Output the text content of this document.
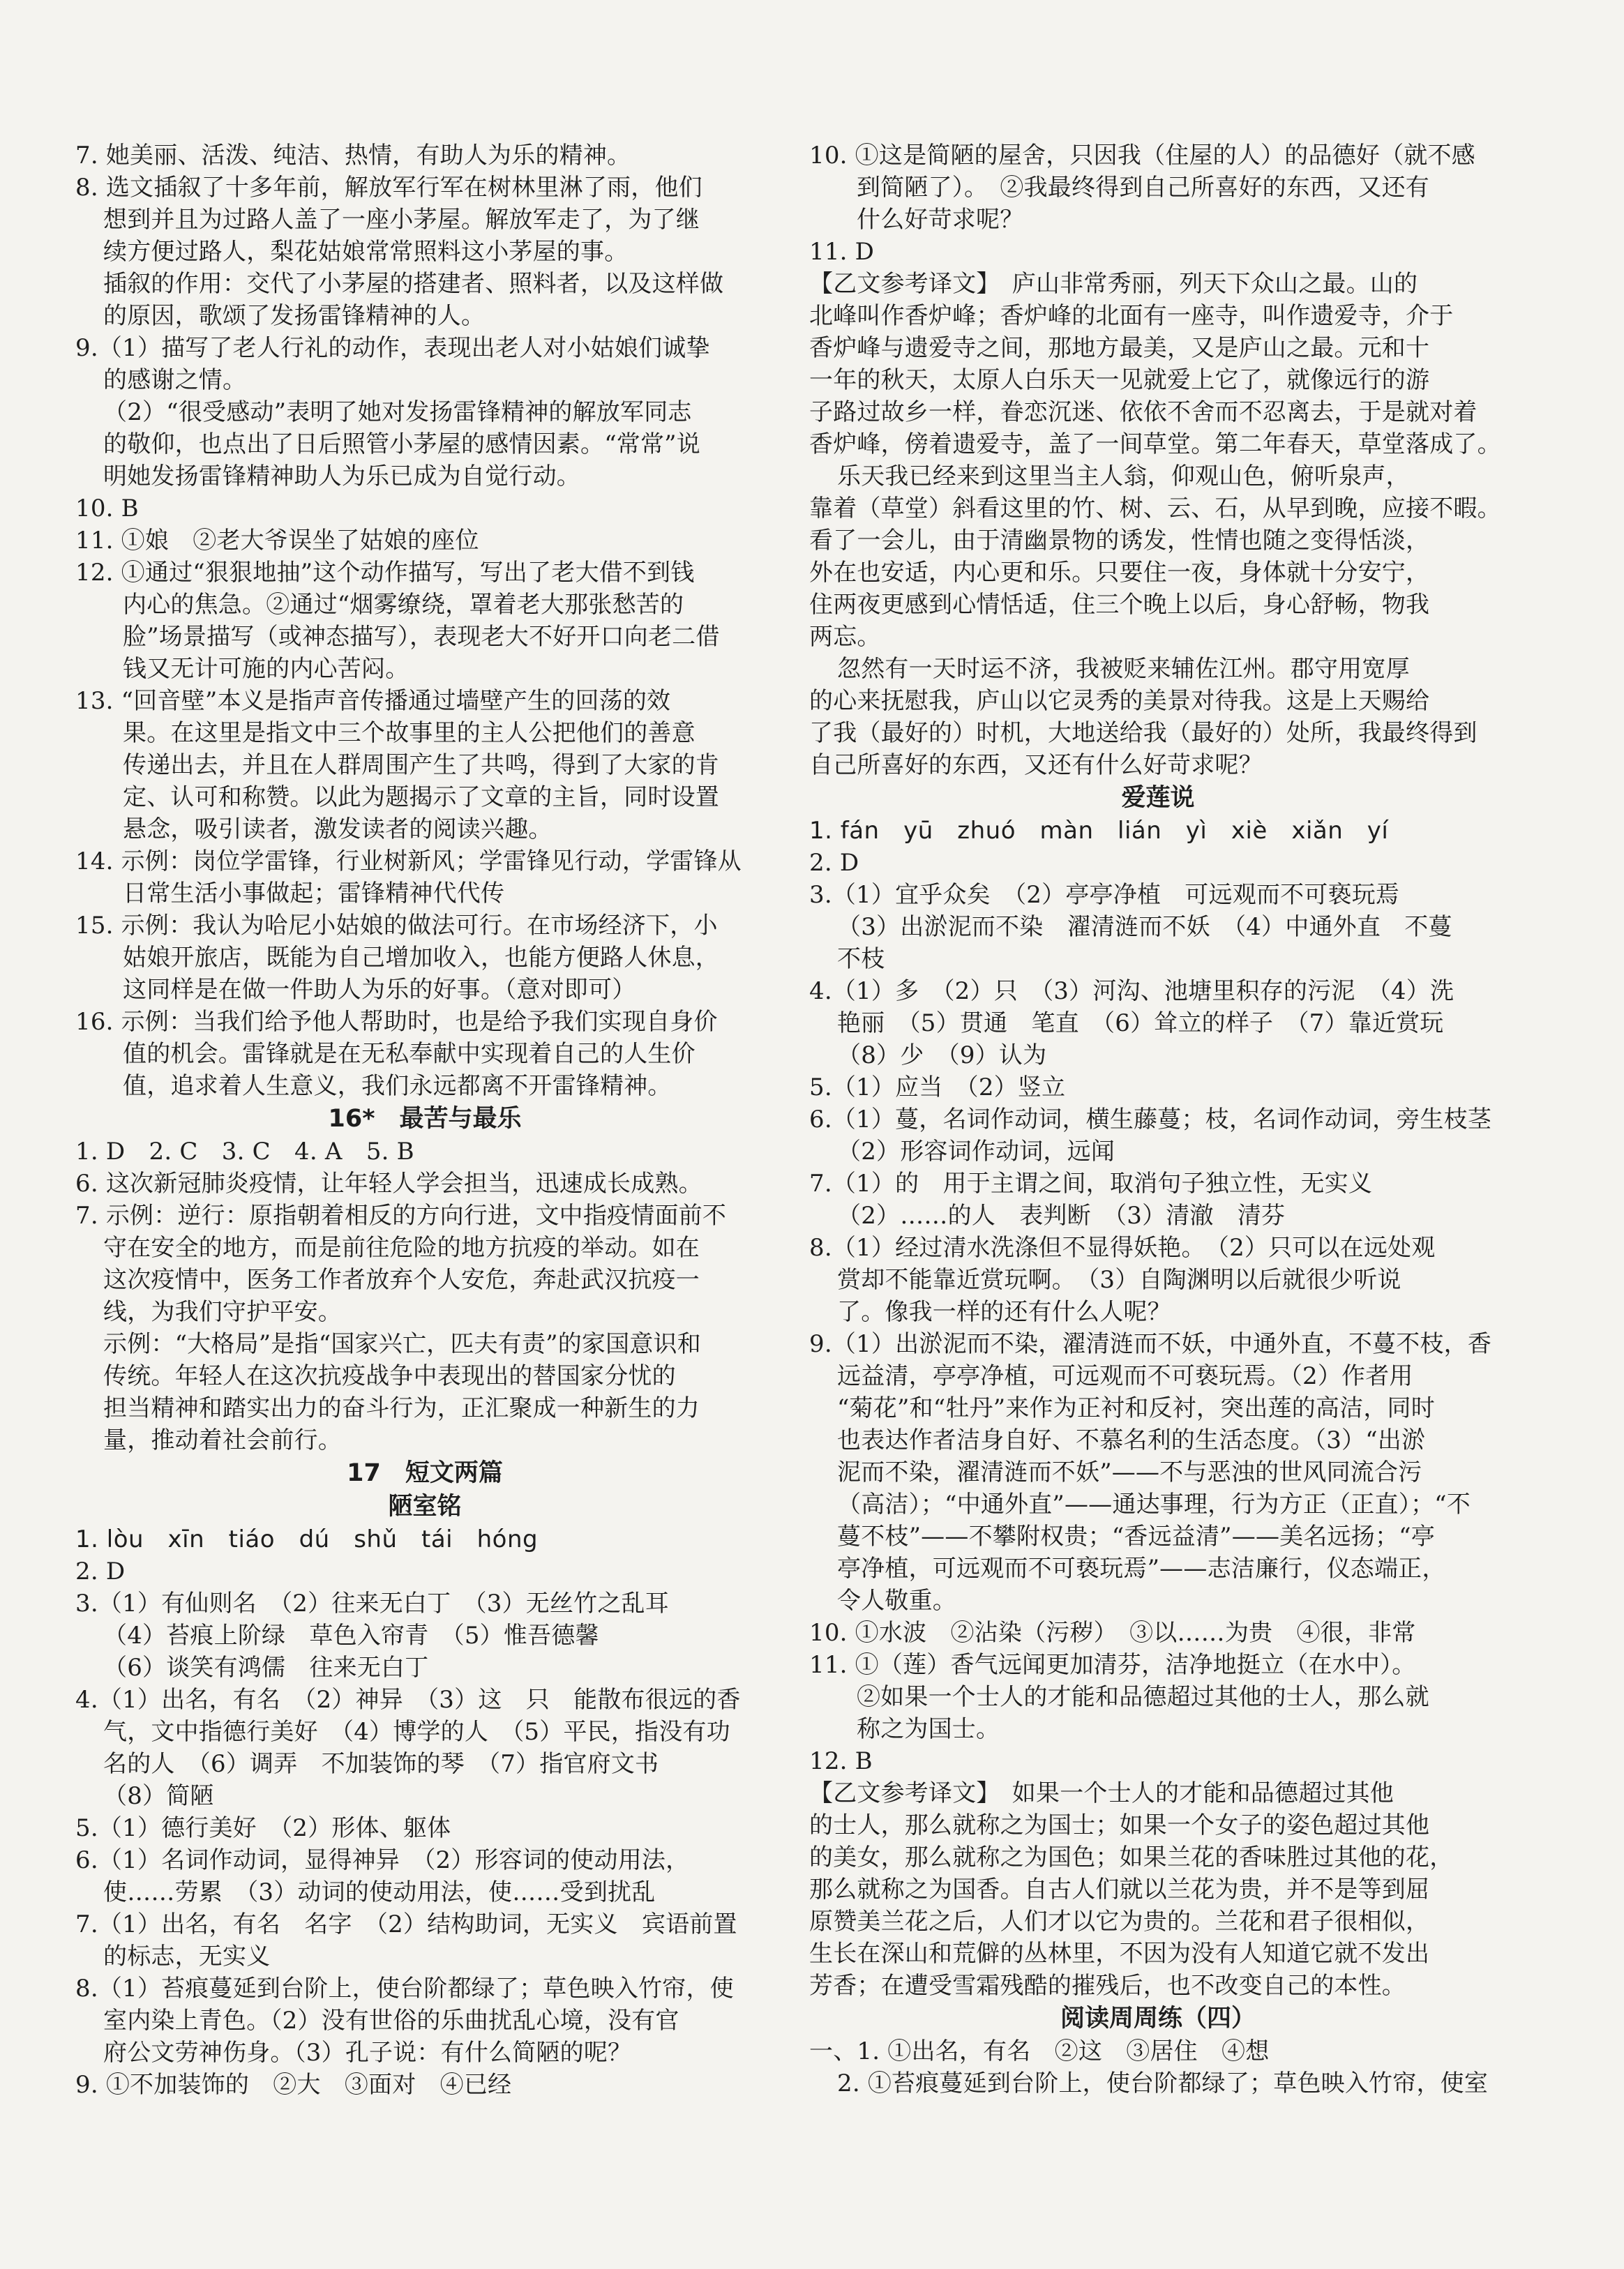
7. 她美丽、活泼、纯洁、热情，有助人为乐的精神。
8. 选文插叙了十多年前，解放军行军在树林里淋了雨，他们
想到并且为过路人盖了一座小茅屋。解放军走了，为了继
续方便过路人，梨花姑娘常常照料这小茅屋的事。
插叙的作用：交代了小茅屋的搭建者、照料者，以及这样做
的原因，歌颂了发扬雷锋精神的人。
9.（1）描写了老人行礼的动作，表现出老人对小姑娘们诚挚
的感谢之情。
（2）“很受感动”表明了她对发扬雷锋精神的解放军同志
的敬仰，也点出了日后照管小茅屋的感情因素。“常常”说
明她发扬雷锋精神助人为乐已成为自觉行动。
10. B
11. ①娘　②老大爷误坐了姑娘的座位
12. ①通过“狠狠地抽”这个动作描写，写出了老大借不到钱
内心的焦急。②通过“烟雾缭绕，罩着老大那张愁苦的
脸”场景描写（或神态描写），表现老大不好开口向老二借
钱又无计可施的内心苦闷。
13. “回音壁”本义是指声音传播通过墙壁产生的回荡的效
果。在这里是指文中三个故事里的主人公把他们的善意
传递出去，并且在人群周围产生了共鸣，得到了大家的肯
定、认可和称赞。以此为题揭示了文章的主旨，同时设置
悬念，吸引读者，激发读者的阅读兴趣。
14. 示例：岗位学雷锋，行业树新风；学雷锋见行动，学雷锋从
日常生活小事做起；雷锋精神代代传
15. 示例：我认为哈尼小姑娘的做法可行。在市场经济下，小
姑娘开旅店，既能为自己增加收入，也能方便路人休息，
这同样是在做一件助人为乐的好事。（意对即可）
16. 示例：当我们给予他人帮助时，也是给予我们实现自身价
值的机会。雷锋就是在无私奉献中实现着自己的人生价
值，追求着人生意义，我们永远都离不开雷锋精神。
16*　最苦与最乐
1. D　2. C　3. C　4. A　5. B
6. 这次新冠肺炎疫情，让年轻人学会担当，迅速成长成熟。
7. 示例：逆行：原指朝着相反的方向行进，文中指疫情面前不
守在安全的地方，而是前往危险的地方抗疫的举动。如在
这次疫情中，医务工作者放弃个人安危，奔赴武汉抗疫一
线，为我们守护平安。
示例：“大格局”是指“国家兴亡，匹夫有责”的家国意识和
传统。年轻人在这次抗疫战争中表现出的替国家分忧的
担当精神和踏实出力的奋斗行为，正汇聚成一种新生的力
量，推动着社会前行。
17　短文两篇
陋室铭
1. lòu　xīn　tiáo　dú　shǔ　tái　hóng
2. D
3.（1）有仙则名　（2）往来无白丁　（3）无丝竹之乱耳
（4）苔痕上阶绿　草色入帘青　（5）惟吾德馨
（6）谈笑有鸿儒　往来无白丁
4.（1）出名，有名　（2）神异　（3）这　只　能散布很远的香
气，文中指德行美好　（4）博学的人　（5）平民，指没有功
名的人　（6）调弄　不加装饰的琴　（7）指官府文书
（8）简陋
5.（1）德行美好　（2）形体、躯体
6.（1）名词作动词，显得神异　（2）形容词的使动用法，
使……劳累　（3）动词的使动用法，使……受到扰乱
7.（1）出名，有名　名字　（2）结构助词，无实义　宾语前置
的标志，无实义
8.（1）苔痕蔓延到台阶上，使台阶都绿了；草色映入竹帘，使
室内染上青色。（2）没有世俗的乐曲扰乱心境，没有官
府公文劳神伤身。（3）孔子说：有什么简陋的呢？
9. ①不加装饰的　②大　③面对　④已经
10. ①这是简陋的屋舍，只因我（住屋的人）的品德好（就不感
到简陋了）。　②我最终得到自己所喜好的东西，又还有
什么好苛求呢？
11. D
【乙文参考译文】　庐山非常秀丽，列天下众山之最。山的
北峰叫作香炉峰；香炉峰的北面有一座寺，叫作遗爱寺，介于
香炉峰与遗爱寺之间，那地方最美，又是庐山之最。元和十
一年的秋天，太原人白乐天一见就爱上它了，就像远行的游
子路过故乡一样，眷恋沉迷、依依不舍而不忍离去，于是就对着
香炉峰，傍着遗爱寺，盖了一间草堂。第二年春天，草堂落成了。
乐天我已经来到这里当主人翁，仰观山色，俯听泉声，
靠着（草堂）斜看这里的竹、树、云、石，从早到晚，应接不暇。
看了一会儿，由于清幽景物的诱发，性情也随之变得恬淡，
外在也安适，内心更和乐。只要住一夜，身体就十分安宁，
住两夜更感到心情恬适，住三个晚上以后，身心舒畅，物我
两忘。
忽然有一天时运不济，我被贬来辅佐江州。郡守用宽厚
的心来抚慰我，庐山以它灵秀的美景对待我。这是上天赐给
了我（最好的）时机，大地送给我（最好的）处所，我最终得到
自己所喜好的东西，又还有什么好苛求呢？
爱莲说
1. fán　yū　zhuó　màn　lián　yì　xiè　xiǎn　yí
2. D
3.（1）宜乎众矣　（2）亭亭净植　可远观而不可亵玩焉
（3）出淤泥而不染　濯清涟而不妖　（4）中通外直　不蔓
不枝
4.（1）多　（2）只　（3）河沟、池塘里积存的污泥　（4）洗
艳丽　（5）贯通　笔直　（6）耸立的样子　（7）靠近赏玩
（8）少　（9）认为
5.（1）应当　（2）竖立
6.（1）蔓，名词作动词，横生藤蔓；枝，名词作动词，旁生枝茎
（2）形容词作动词，远闻
7.（1）的　用于主谓之间，取消句子独立性，无实义
（2）……的人　表判断　（3）清澈　清芬
8.（1）经过清水洗涤但不显得妖艳。　（2）只可以在远处观
赏却不能靠近赏玩啊。　（3）自陶渊明以后就很少听说
了。像我一样的还有什么人呢？
9.（1）出淤泥而不染，濯清涟而不妖，中通外直，不蔓不枝，香
远益清，亭亭净植，可远观而不可亵玩焉。（2）作者用
“菊花”和“牡丹”来作为正衬和反衬，突出莲的高洁，同时
也表达作者洁身自好、不慕名利的生活态度。（3）“出淤
泥而不染，濯清涟而不妖”——不与恶浊的世风同流合污
（高洁）；“中通外直”——通达事理，行为方正（正直）；“不
蔓不枝”——不攀附权贵；“香远益清”——美名远扬；“亭
亭净植，可远观而不可亵玩焉”——志洁廉行，仪态端正，
令人敬重。
10. ①水波　②沾染（污秽）　③以……为贵　④很，非常
11. ①（莲）香气远闻更加清芬，洁净地挺立（在水中）。
②如果一个士人的才能和品德超过其他的士人，那么就
称之为国士。
12. B
【乙文参考译文】　如果一个士人的才能和品德超过其他
的士人，那么就称之为国士；如果一个女子的姿色超过其他
的美女，那么就称之为国色；如果兰花的香味胜过其他的花，
那么就称之为国香。自古人们就以兰花为贵，并不是等到屈
原赞美兰花之后，人们才以它为贵的。兰花和君子很相似，
生长在深山和荒僻的丛林里，不因为没有人知道它就不发出
芳香；在遭受雪霜残酷的摧残后，也不改变自己的本性。
阅读周周练（四）
一、1. ①出名，有名　②这　③居住　④想
2. ①苔痕蔓延到台阶上，使台阶都绿了；草色映入竹帘，使室
